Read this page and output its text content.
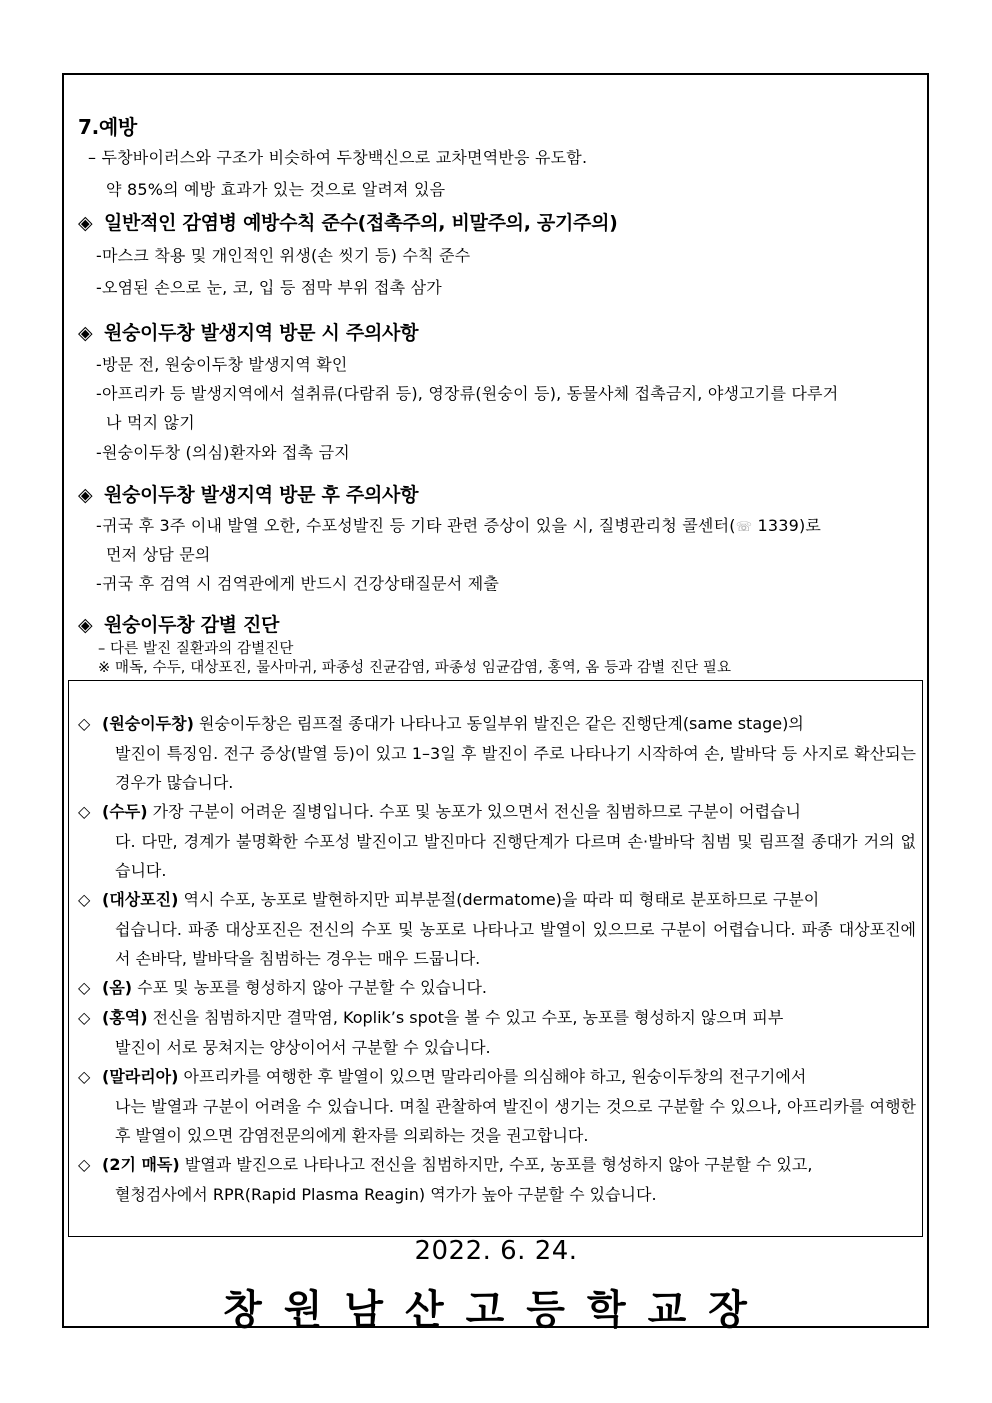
7.예방
– 두창바이러스와 구조가 비슷하여 두창백신으로 교차면역반응 유도함.
약 85%의 예방 효과가 있는 것으로 알려져 있음
◈ 일반적인 감염병 예방수칙 준수(접촉주의, 비말주의, 공기주의)
-마스크 착용 및 개인적인 위생(손 씻기 등) 수칙 준수
-오염된 손으로 눈, 코, 입 등 점막 부위 접촉 삼가
◈ 원숭이두창 발생지역 방문 시 주의사항
-방문 전, 원숭이두창 발생지역 확인
-아프리카 등 발생지역에서 설취류(다람쥐 등), 영장류(원숭이 등), 동물사체 접촉금지, 야생고기를 다루거
나 먹지 않기
-원숭이두창 (의심)환자와 접촉 금지
◈ 원숭이두창 발생지역 방문 후 주의사항
-귀국 후 3주 이내 발열 오한, 수포성발진 등 기타 관련 증상이 있을 시, 질병관리청 콜센터(☏ 1339)로
먼저 상담 문의
-귀국 후 검역 시 검역관에게 반드시 건강상태질문서 제출
◈ 원숭이두창 감별 진단
– 다른 발진 질환과의 감별진단
※ 매독, 수두, 대상포진, 물사마귀, 파종성 진균감염, 파종성 임균감염, 홍역, 옴 등과 감별 진단 필요
◇ (원숭이두창) 원숭이두창은 림프절 종대가 나타나고 동일부위 발진은 같은 진행단계(same stage)의
발진이 특징임. 전구 증상(발열 등)이 있고 1–3일 후 발진이 주로 나타나기 시작하여 손, 발바닥 등 사지로 확산되는 경우가 많습니다.
◇ (수두) 가장 구분이 어려운 질병입니다. 수포 및 농포가 있으면서 전신을 침범하므로 구분이 어렵습니
다. 다만, 경계가 불명확한 수포성 발진이고 발진마다 진행단계가 다르며 손·발바닥 침범 및 림프절 종대가 거의 없습니다.
◇ (대상포진) 역시 수포, 농포로 발현하지만 피부분절(dermatome)을 따라 띠 형태로 분포하므로 구분이
쉽습니다. 파종 대상포진은 전신의 수포 및 농포로 나타나고 발열이 있으므로 구분이 어렵습니다. 파종 대상포진에서 손바닥, 발바닥을 침범하는 경우는 매우 드뭅니다.
◇ (옴) 수포 및 농포를 형성하지 않아 구분할 수 있습니다.
◇ (홍역) 전신을 침범하지만 결막염, Koplik’s spot을 볼 수 있고 수포, 농포를 형성하지 않으며 피부
발진이 서로 뭉쳐지는 양상이어서 구분할 수 있습니다.
◇ (말라리아) 아프리카를 여행한 후 발열이 있으면 말라리아를 의심해야 하고, 원숭이두창의 전구기에서
나는 발열과 구분이 어려울 수 있습니다. 며칠 관찰하여 발진이 생기는 것으로 구분할 수 있으나, 아프리카를 여행한 후 발열이 있으면 감염전문의에게 환자를 의뢰하는 것을 권고합니다.
◇ (2기 매독) 발열과 발진으로 나타나고 전신을 침범하지만, 수포, 농포를 형성하지 않아 구분할 수 있고,
혈청검사에서 RPR(Rapid Plasma Reagin) 역가가 높아 구분할 수 있습니다.
2022. 6. 24.
창원남산고등학교장
